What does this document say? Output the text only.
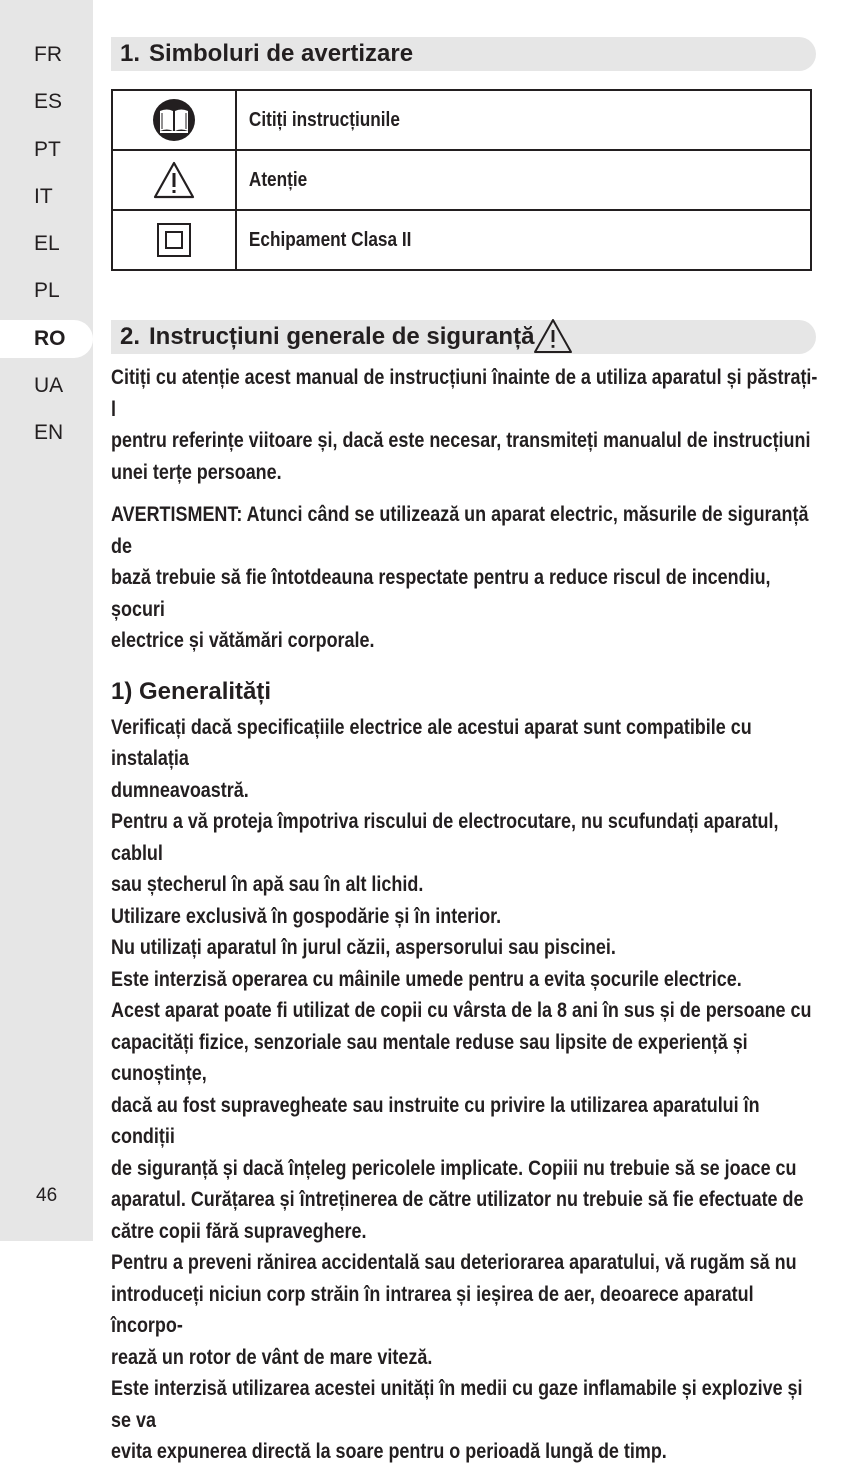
FR
ES
PT
IT
EL
PL
RO
UA
EN
46
1. Simboluri de avertizare
	Citiți instrucțiunile
	Atenție
	Echipament Clasa II
2. Instrucțiuni generale de siguranță

Citiți cu atenție acest manual de instrucțiuni înainte de a utiliza aparatul și păstrați-l

pentru referințe viitoare și, dacă este necesar, transmiteți manualul de instrucțiuni

unei terțe persoane.

AVERTISMENT: Atunci când se utilizează un aparat electric, măsurile de siguranță de

bază trebuie să fie întotdeauna respectate pentru a reduce riscul de incendiu, șocuri

electrice și vătămări corporale.

1) Generalități

Verificați dacă specificațiile electrice ale acestui aparat sunt compatibile cu instalația

dumneavoastră.

Pentru a vă proteja împotriva riscului de electrocutare, nu scufundați aparatul, cablul

sau ștecherul în apă sau în alt lichid.

Utilizare exclusivă în gospodărie și în interior.

Nu utilizați aparatul în jurul căzii, aspersorului sau piscinei.

Este interzisă operarea cu mâinile umede pentru a evita șocurile electrice.

Acest aparat poate fi utilizat de copii cu vârsta de la 8 ani în sus și de persoane cu

capacități fizice, senzoriale sau mentale reduse sau lipsite de experiență și cunoștințe,

dacă au fost supravegheate sau instruite cu privire la utilizarea aparatului în condiții

de siguranță și dacă înțeleg pericolele implicate. Copiii nu trebuie să se joace cu

aparatul. Curățarea și întreținerea de către utilizator nu trebuie să fie efectuate de

către copii fără supraveghere.

Pentru a preveni rănirea accidentală sau deteriorarea aparatului, vă rugăm să nu

introduceți niciun corp străin în intrarea și ieșirea de aer, deoarece aparatul încorpo-

rează un rotor de vânt de mare viteză.

Este interzisă utilizarea acestei unități în medii cu gaze inflamabile și explozive și se va

evita expunerea directă la soare pentru o perioadă lungă de timp.
